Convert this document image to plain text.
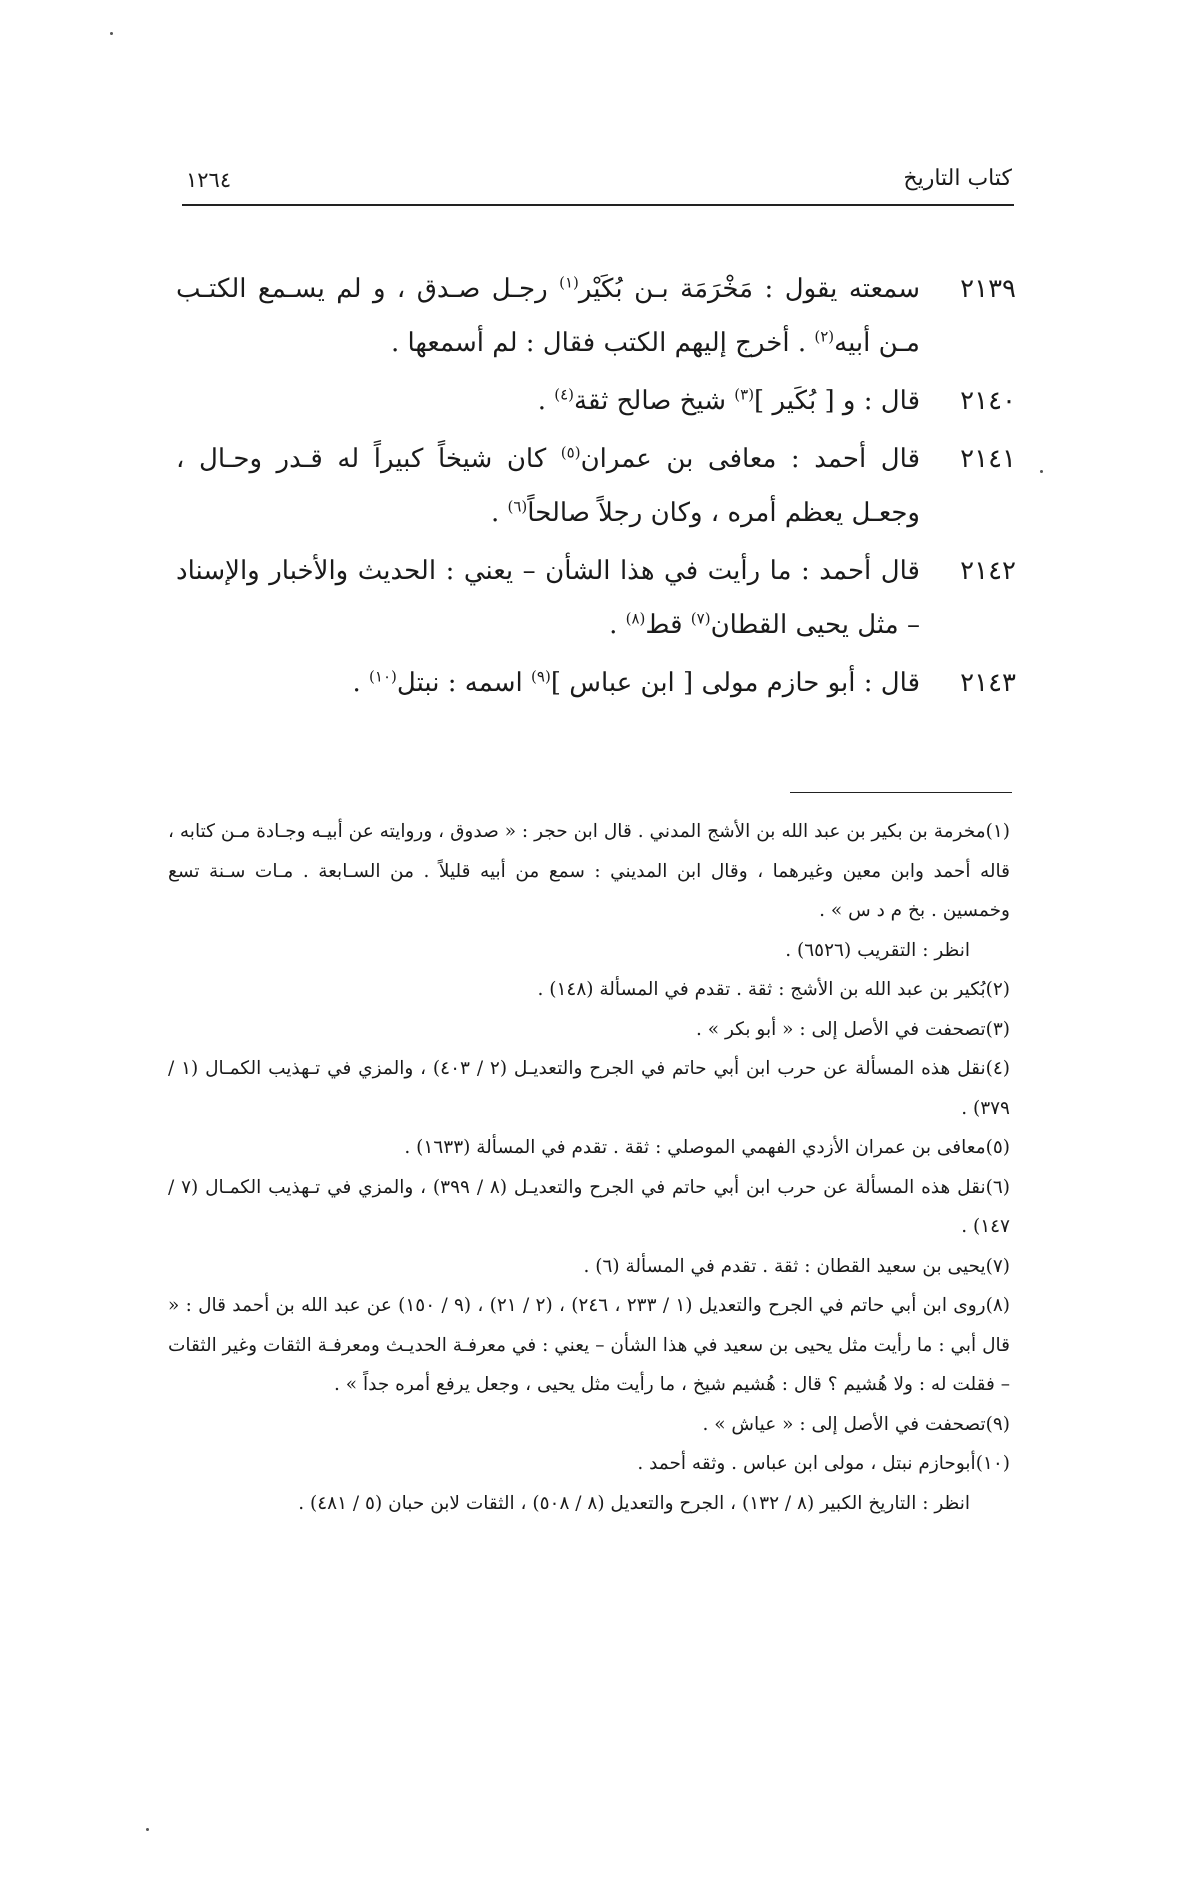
كتاب التاريخ
١٢٦٤
٢١٣٩
سمعته يقول : مَخْرَمَة بـن بُكَيْر$^{(١)}$ رجـل صـدق ، و لم يسـمع الكتـب مـن أبيه$^{(٢)}$ . أخرج إليهم الكتب فقال : لم أسمعها .
٢١٤٠
قال : و [ بُكَير ]$^{(٣)}$ شيخ صالح ثقة$^{(٤)}$ .
٢١٤١
قال أحمد : معافى بن عمران$^{(٥)}$ كان شيخاً كبيراً له قـدر وحـال ، وجعـل يعظم أمره ، وكان رجلاً صالحاً$^{(٦)}$ .
٢١٤٢
قال أحمد : ما رأيت في هذا الشأن – يعني : الحديث والأخبار والإسناد – مثل يحيى القطان$^{(٧)}$ قط$^{(٨)}$ .
٢١٤٣
قال : أبو حازم مولى [ ابن عباس ]$^{(٩)}$ اسمه : نبتل$^{(١٠)}$ .
(١)مخرمة بن بكير بن عبد الله بن الأشج المدني . قال ابن حجر : « صدوق ، وروايته عن أبيـه وجـادة مـن كتابه ، قاله أحمد وابن معين وغيرهما ، وقال ابن المديني : سمع من أبيه قليلاً . من السـابعة . مـات سـنة تسع وخمسين . بخ م د س » .
انظر : التقريب (٦٥٢٦) .
(٢)بُكير بن عبد الله بن الأشج : ثقة . تقدم في المسألة (١٤٨) .
(٣)تصحفت في الأصل إلى : « أبو بكر » .
(٤)نقل هذه المسألة عن حرب ابن أبي حاتم في الجرح والتعديـل (٢ / ٤٠٣) ، والمزي في تـهذيب الكمـال (١ / ٣٧٩) .
(٥)معافى بن عمران الأزدي الفهمي الموصلي : ثقة . تقدم في المسألة (١٦٣٣) .
(٦)نقل هذه المسألة عن حرب ابن أبي حاتم في الجرح والتعديـل (٨ / ٣٩٩) ، والمزي في تـهذيب الكمـال (٧ / ١٤٧) .
(٧)يحيى بن سعيد القطان : ثقة . تقدم في المسألة (٦) .
(٨)روى ابن أبي حاتم في الجرح والتعديل (١ / ٢٣٣ ، ٢٤٦) ، (٢ / ٢١) ، (٩ / ١٥٠) عن عبد الله بن أحمد قال : « قال أبي : ما رأيت مثل يحيى بن سعيد في هذا الشأن – يعني : في معرفـة الحديـث ومعرفـة الثقات وغير الثقات – فقلت له : ولا هُشيم ؟ قال : هُشيم شيخ ، ما رأيت مثل يحيى ، وجعل يرفع أمره جداً » .
(٩)تصحفت في الأصل إلى : « عياش » .
(١٠)أبوحازم نبتل ، مولى ابن عباس . وثقه أحمد .
انظر : التاريخ الكبير (٨ / ١٣٢) ، الجرح والتعديل (٨ / ٥٠٨) ، الثقات لابن حبان (٥ / ٤٨١) .
